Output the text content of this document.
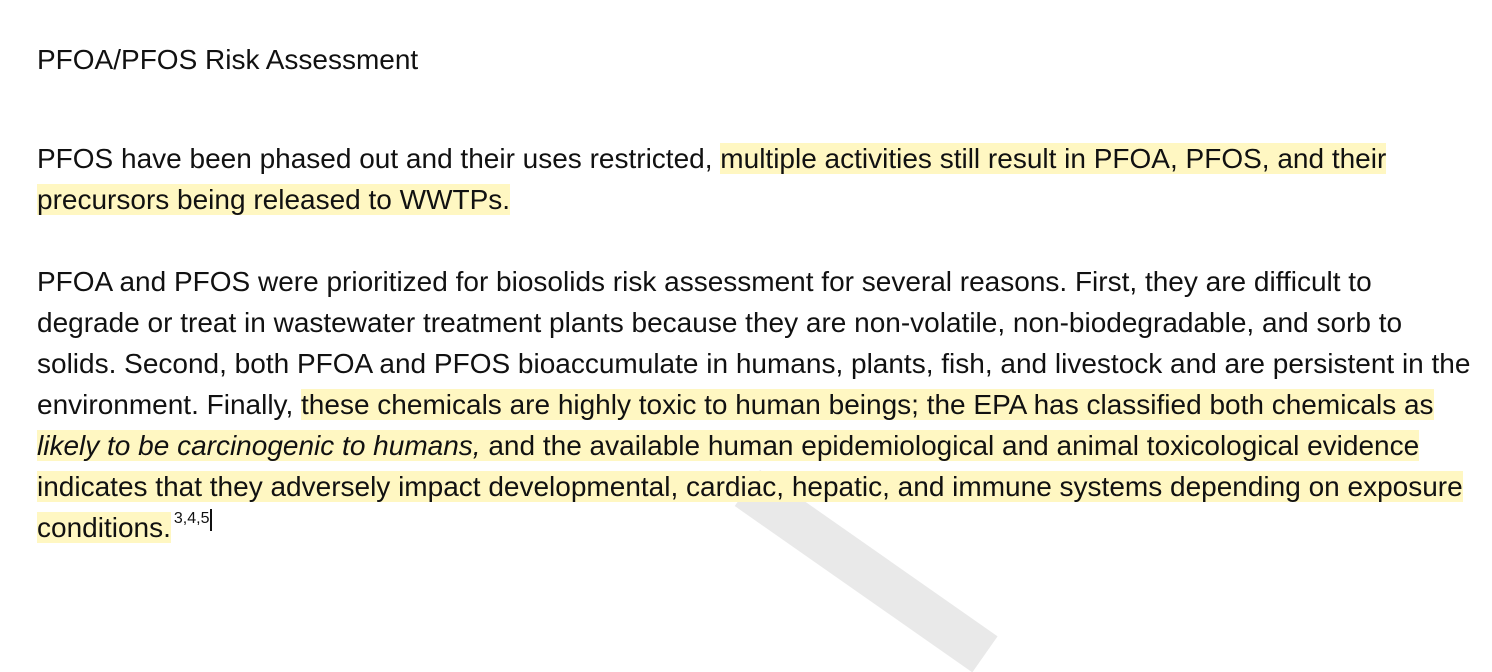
PFOA/PFOS Risk Assessment

PFOS have been phased out and their uses restricted, multiple activities still result in PFOA, PFOS, and their precursors being released to WWTPs.

PFOA and PFOS were prioritized for biosolids risk assessment for several reasons. First, they are difficult to degrade or treat in wastewater treatment plants because they are non-volatile, non-biodegradable, and sorb to solids. Second, both PFOA and PFOS bioaccumulate in humans, plants, fish, and livestock and are persistent in the environment. Finally, these chemicals are highly toxic to human beings; the EPA has classified both chemicals as likely to be carcinogenic to humans, and the available human epidemiological and animal toxicological evidence indicates that they adversely impact developmental, cardiac, hepatic, and immune systems depending on exposure conditions. $^{3,4,5}$
